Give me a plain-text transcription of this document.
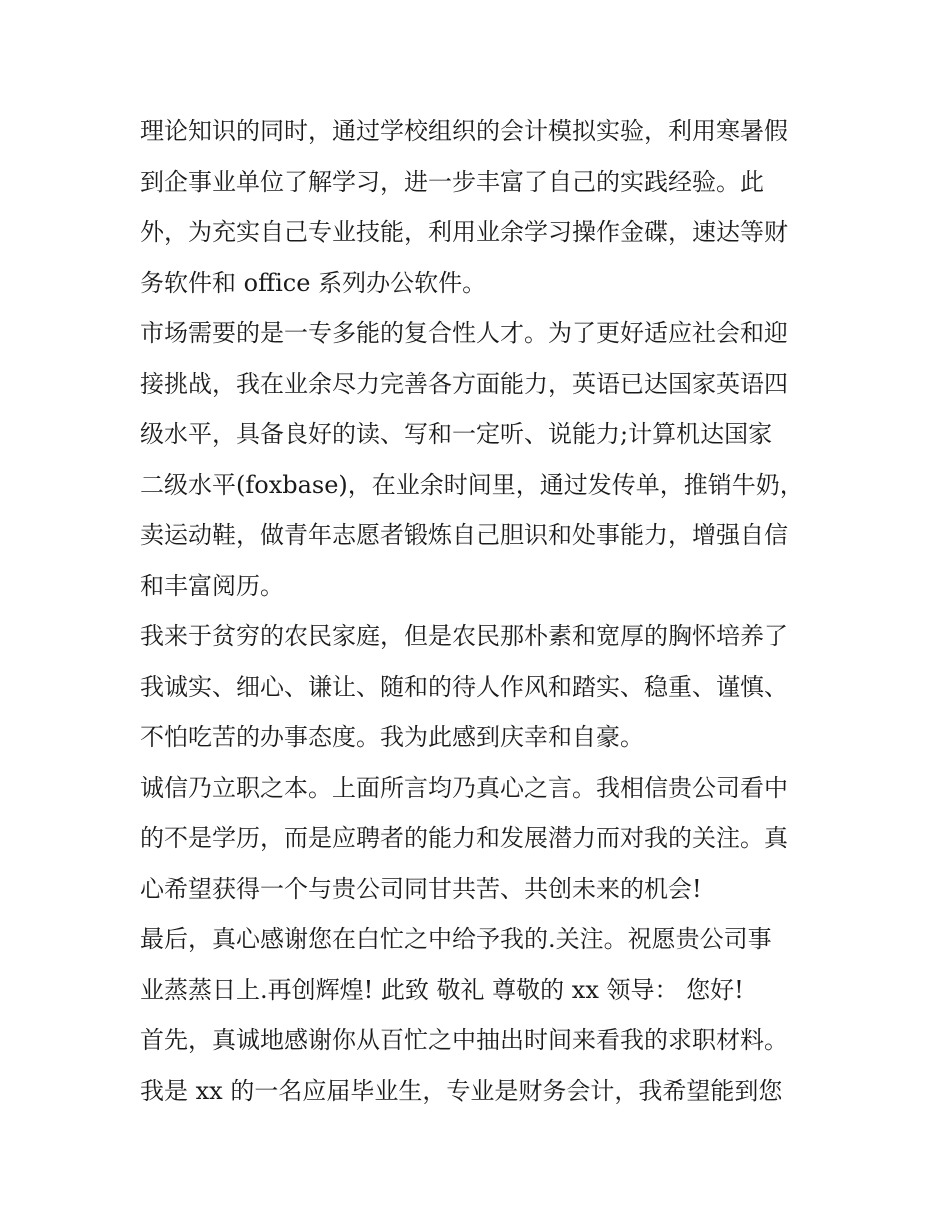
理论知识的同时，通过学校组织的会计模拟实验，利用寒暑假
到企事业单位了解学习，进一步丰富了自己的实践经验。此
外，为充实自己专业技能，利用业余学习操作金碟，速达等财
务软件和 office 系列办公软件。
市场需要的是一专多能的复合性人才。为了更好适应社会和迎
接挑战，我在业余尽力完善各方面能力，英语已达国家英语四
级水平，具备良好的读、写和一定听、说能力;计算机达国家
二级水平(foxbase)，在业余时间里，通过发传单，推销牛奶，
卖运动鞋，做青年志愿者锻炼自己胆识和处事能力，增强自信
和丰富阅历。
我来于贫穷的农民家庭，但是农民那朴素和宽厚的胸怀培养了
我诚实、细心、谦让、随和的待人作风和踏实、稳重、谨慎、
不怕吃苦的办事态度。我为此感到庆幸和自豪。
诚信乃立职之本。上面所言均乃真心之言。我相信贵公司看中
的不是学历，而是应聘者的能力和发展潜力而对我的关注。真
心希望获得一个与贵公司同甘共苦、共创未来的机会!
最后，真心感谢您在白忙之中给予我的.关注。祝愿贵公司事
业蒸蒸日上.再创辉煌! 此致 敬礼 尊敬的 xx 领导： 您好!
首先，真诚地感谢你从百忙之中抽出时间来看我的求职材料。
我是 xx 的一名应届毕业生，专业是财务会计，我希望能到您
